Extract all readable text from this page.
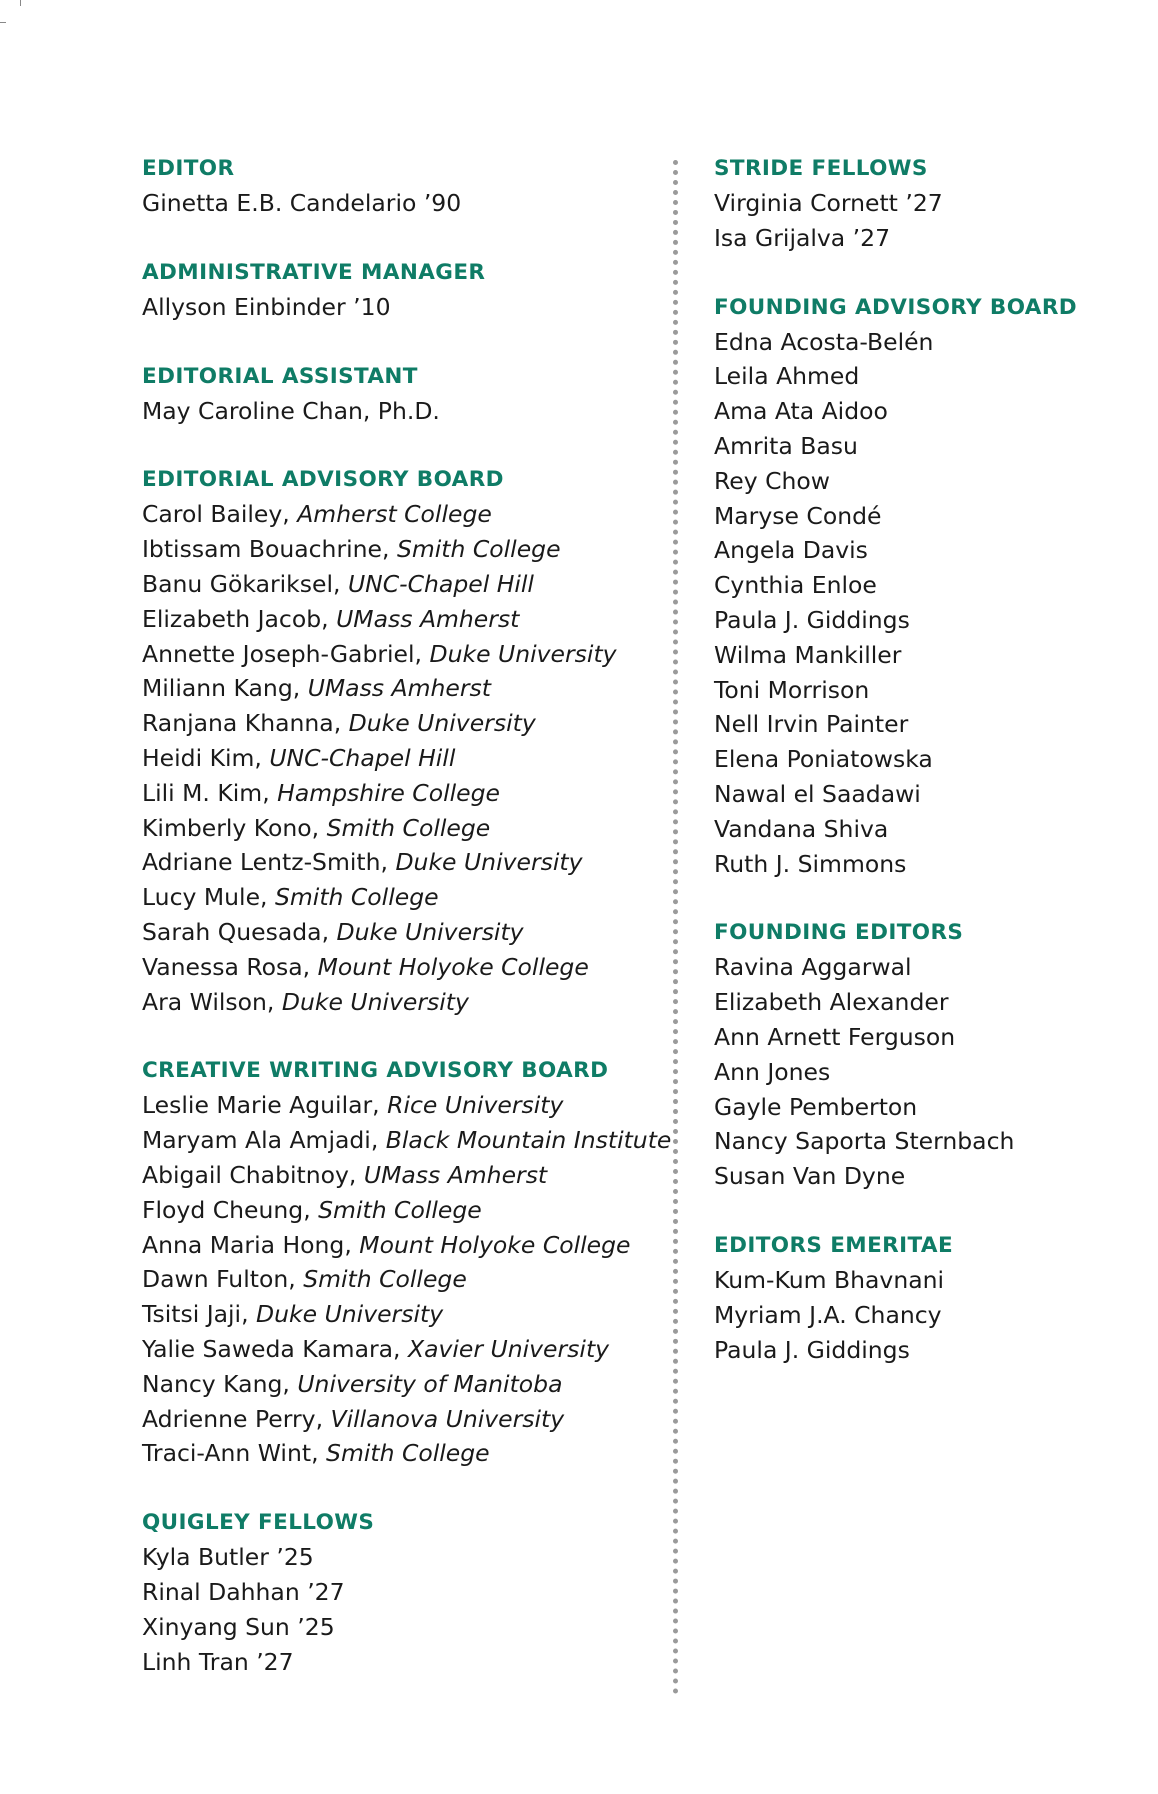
EDITOR
Ginetta E.B. Candelario ’90
ADMINISTRATIVE MANAGER
Allyson Einbinder ’10
EDITORIAL ASSISTANT
May Caroline Chan, Ph.D.
EDITORIAL ADVISORY BOARD
Carol Bailey, Amherst College
Ibtissam Bouachrine, Smith College
Banu Gökariksel, UNC-Chapel Hill
Elizabeth Jacob, UMass Amherst
Annette Joseph-Gabriel, Duke University
Miliann Kang, UMass Amherst
Ranjana Khanna, Duke University
Heidi Kim, UNC-Chapel Hill
Lili M. Kim, Hampshire College
Kimberly Kono, Smith College
Adriane Lentz-Smith, Duke University
Lucy Mule, Smith College
Sarah Quesada, Duke University
Vanessa Rosa, Mount Holyoke College
Ara Wilson, Duke University
CREATIVE WRITING ADVISORY BOARD
Leslie Marie Aguilar, Rice University
Maryam Ala Amjadi, Black Mountain Institute
Abigail Chabitnoy, UMass Amherst
Floyd Cheung, Smith College
Anna Maria Hong, Mount Holyoke College
Dawn Fulton, Smith College
Tsitsi Jaji, Duke University
Yalie Saweda Kamara, Xavier University
Nancy Kang, University of Manitoba
Adrienne Perry, Villanova University
Traci-Ann Wint, Smith College
QUIGLEY FELLOWS
Kyla Butler ’25
Rinal Dahhan ’27
Xinyang Sun ’25
Linh Tran ’27
STRIDE FELLOWS
Virginia Cornett ’27
Isa Grijalva ’27
FOUNDING ADVISORY BOARD
Edna Acosta-Belén
Leila Ahmed
Ama Ata Aidoo
Amrita Basu
Rey Chow
Maryse Condé
Angela Davis
Cynthia Enloe
Paula J. Giddings
Wilma Mankiller
Toni Morrison
Nell Irvin Painter
Elena Poniatowska
Nawal el Saadawi
Vandana Shiva
Ruth J. Simmons
FOUNDING EDITORS
Ravina Aggarwal
Elizabeth Alexander
Ann Arnett Ferguson
Ann Jones
Gayle Pemberton
Nancy Saporta Sternbach
Susan Van Dyne
EDITORS EMERITAE
Kum-Kum Bhavnani
Myriam J.A. Chancy
Paula J. Giddings
